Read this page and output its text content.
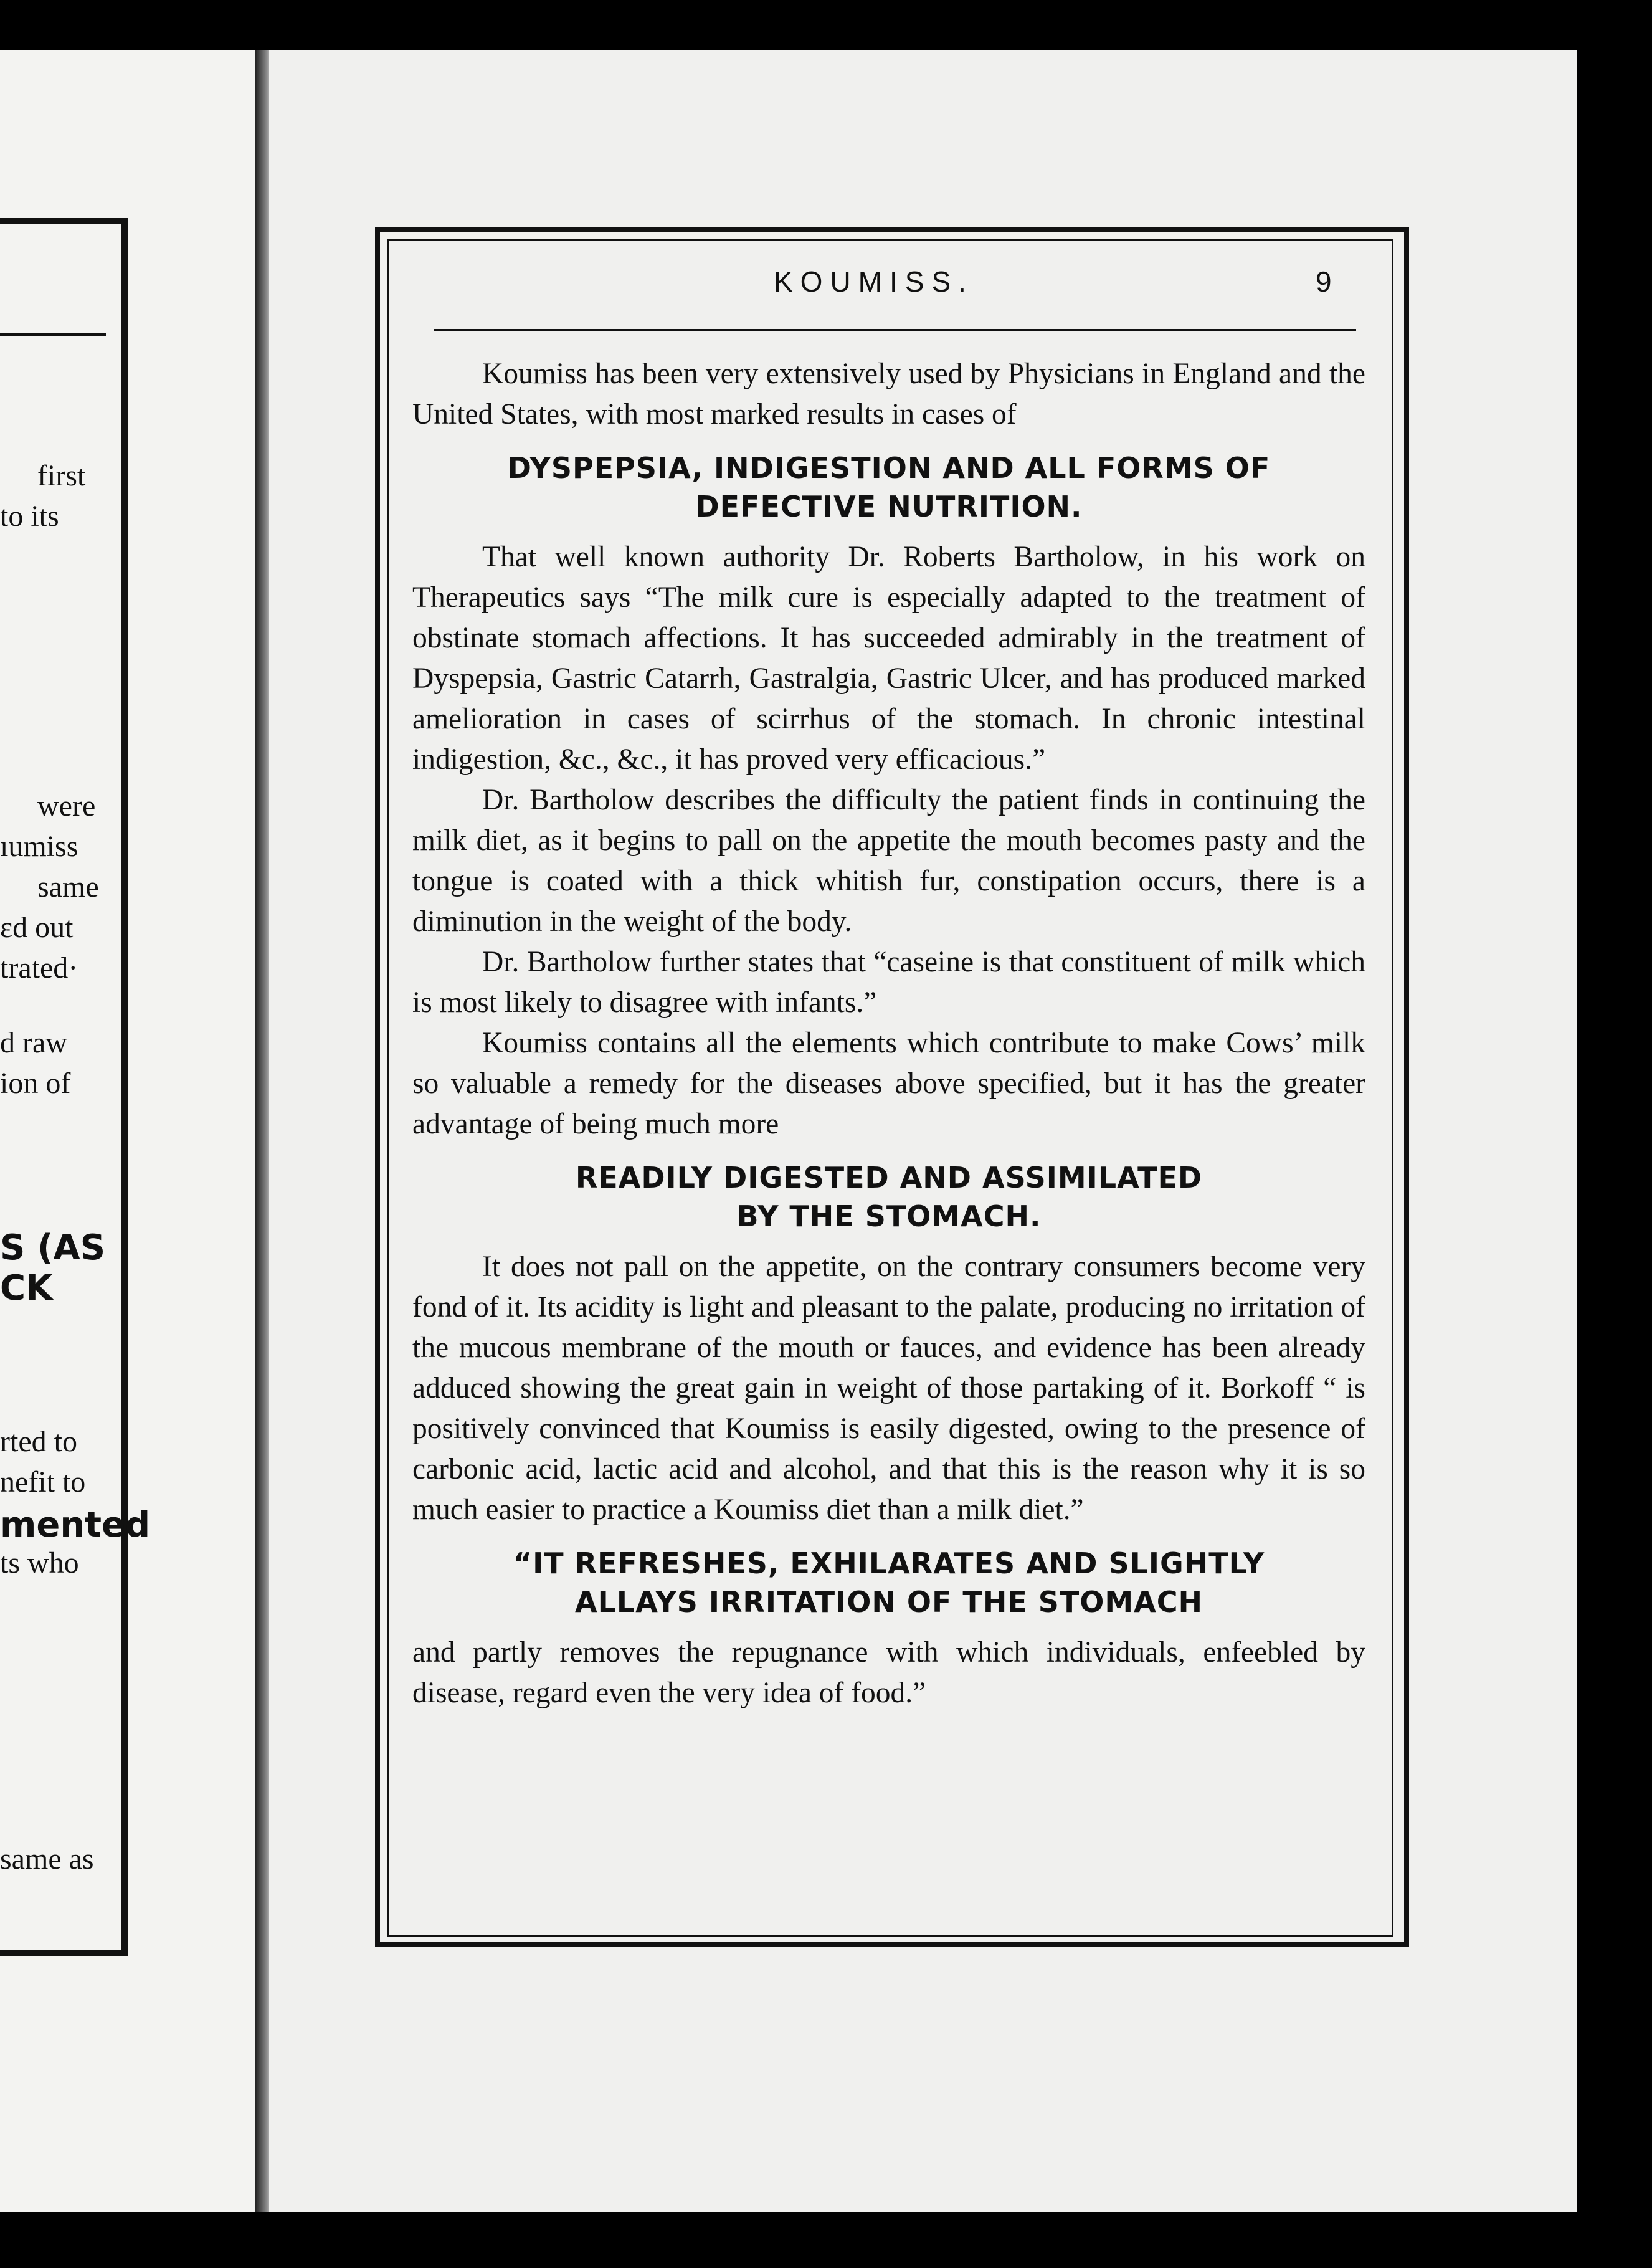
first
to its
were
ıumiss
same
ɛd out
trated·
d raw
ion of
S (AS
CK
rted to
nefit to
mented
ts who
same as
KOUMISS.	9

Koumiss has been very extensively used by Physicians in England and the United States, with most marked results in cases of

DYSPEPSIA, INDIGESTION AND ALL FORMS OF
DEFECTIVE NUTRITION.

That well known authority Dr. Roberts Bartholow, in his work on Therapeutics says “The milk cure is especially adapted to the treatment of obstinate stomach affections. It has succeeded admirably in the treatment of Dyspepsia, Gastric Catarrh, Gastralgia, Gastric Ulcer, and has produced marked amelioration in cases of scirrhus of the stomach. In chronic intestinal indigestion, &c., &c., it has proved very efficacious.”

Dr. Bartholow describes the difficulty the patient finds in continuing the milk diet, as it begins to pall on the appetite the mouth becomes pasty and the tongue is coated with a thick whitish fur, constipation occurs, there is a diminution in the weight of the body.

Dr. Bartholow further states that “caseine is that constituent of milk which is most likely to disagree with infants.”

Koumiss contains all the elements which contribute to make Cows’ milk so valuable a remedy for the diseases above specified, but it has the greater advantage of being much more

READILY DIGESTED AND ASSIMILATED
BY THE STOMACH.

It does not pall on the appetite, on the contrary consumers become very fond of it. Its acidity is light and pleasant to the palate, producing no irritation of the mucous membrane of the mouth or fauces, and evidence has been already adduced showing the great gain in weight of those partaking of it. Borkoff “ is positively convinced that Koumiss is easily digested, owing to the presence of carbonic acid, lactic acid and alcohol, and that this is the reason why it is so much easier to practice a Koumiss diet than a milk diet.”

“IT REFRESHES, EXHILARATES AND SLIGHTLY
ALLAYS IRRITATION OF THE STOMACH

and partly removes the repugnance with which individuals, enfeebled by disease, regard even the very idea of food.”
